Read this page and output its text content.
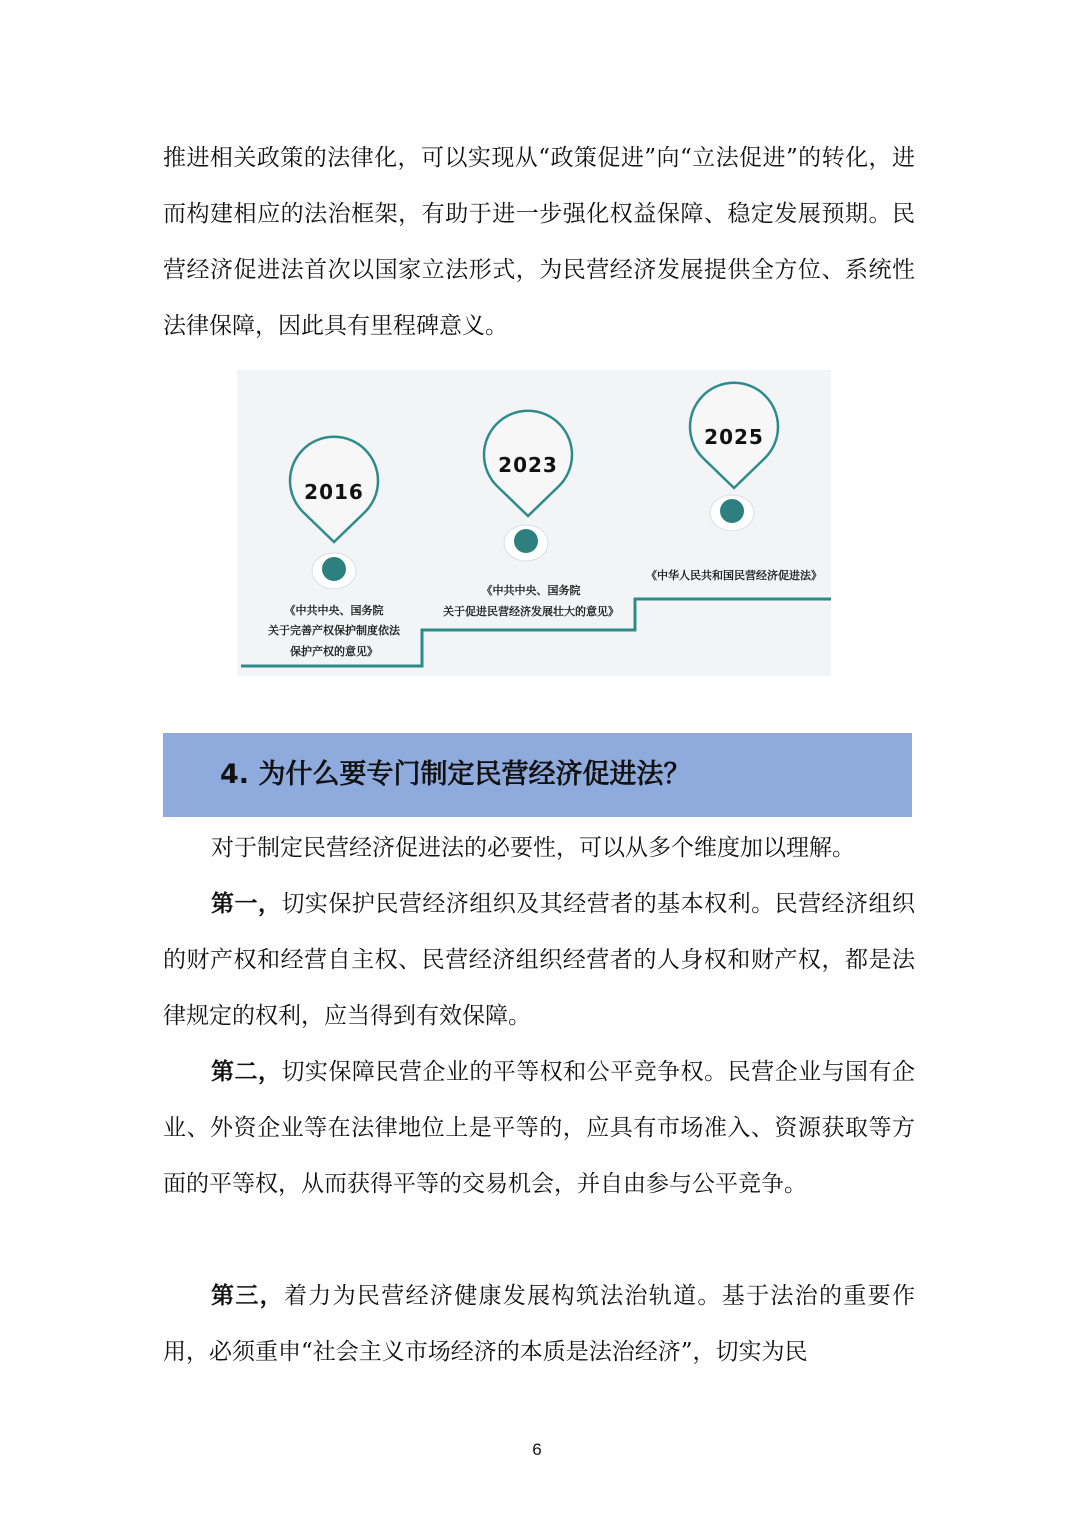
推进相关政策的法律化，可以实现从“政策促进”向“立法促进”的转化，进而构建相应的法治框架，有助于进一步强化权益保障、稳定发展预期。民营经济促进法首次以国家立法形式，为民营经济发展提供全方位、系统性法律保障，因此具有里程碑意义。

2016
《中共中央、国务院
关于完善产权保护制度依法
保护产权的意见》
2023
《中共中央、国务院
关于促进民营经济发展壮大的意见》
2025
《中华人民共和国民营经济促进法》
4. 为什么要专门制定民营经济促进法？

对于制定民营经济促进法的必要性，可以从多个维度加以理解。

第一，切实保护民营经济组织及其经营者的基本权利。民营经济组织的财产权和经营自主权、民营经济组织经营者的人身权和财产权，都是法律规定的权利，应当得到有效保障。

第二，切实保障民营企业的平等权和公平竞争权。民营企业与国有企业、外资企业等在法律地位上是平等的，应具有市场准入、资源获取等方面的平等权，从而获得平等的交易机会，并自由参与公平竞争。

第三，着力为民营经济健康发展构筑法治轨道。基于法治的重要作用，必须重申“社会主义市场经济的本质是法治经济”，切实为民

6
